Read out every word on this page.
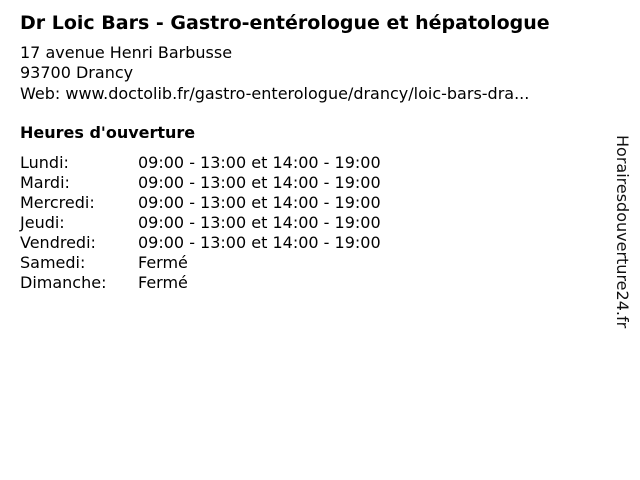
Dr Loic Bars - Gastro-entérologue et hépatologue
17 avenue Henri Barbusse
93700 Drancy
Web: www.doctolib.fr/gastro-enterologue/drancy/loic-bars-dra...
Heures d'ouverture
Lundi:	09:00 - 13:00 et 14:00 - 19:00
Mardi:	09:00 - 13:00 et 14:00 - 19:00
Mercredi:	09:00 - 13:00 et 14:00 - 19:00
Jeudi:	09:00 - 13:00 et 14:00 - 19:00
Vendredi:	09:00 - 13:00 et 14:00 - 19:00
Samedi:	Fermé
Dimanche: Fermé	Horairesdouverture24.fr
